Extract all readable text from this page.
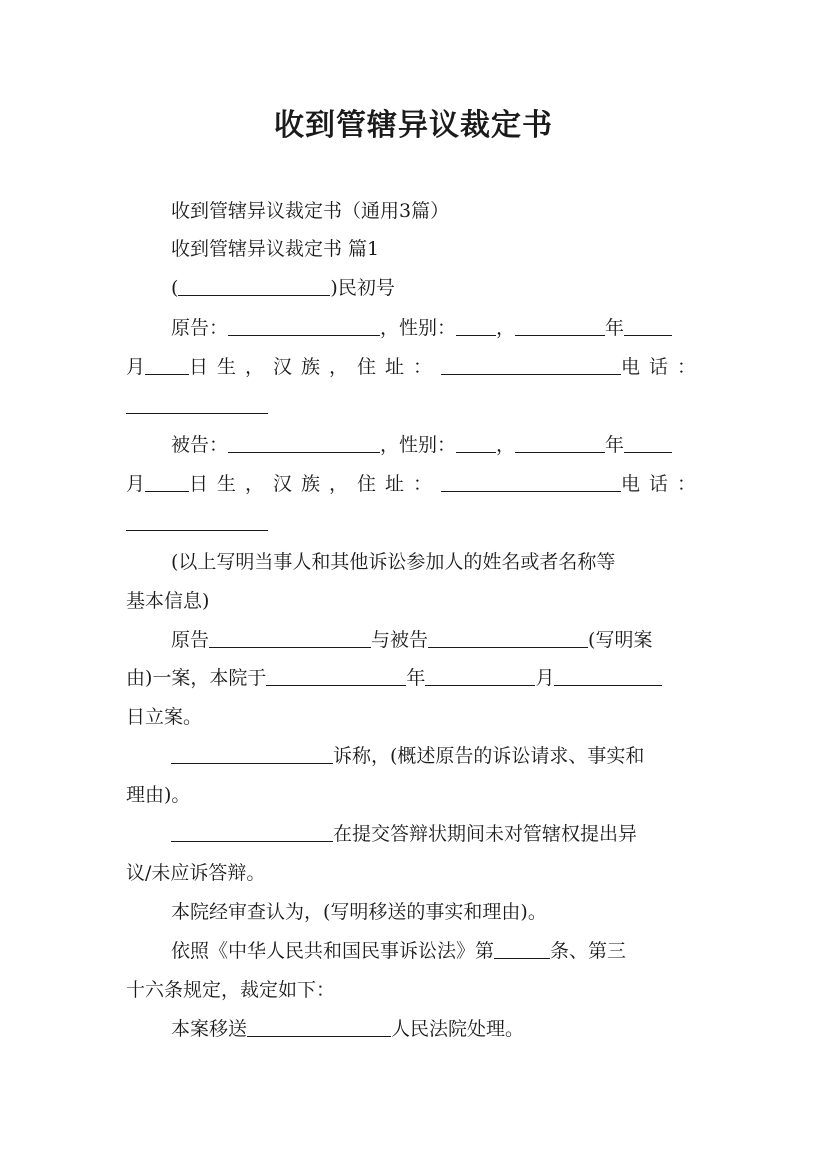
收到管辖异议裁定书
收到管辖异议裁定书（通用3篇）
收到管辖异议裁定书 篇1
(	)民初号
原告：	，性别： ，	年
月 日生，汉族，住址：	电话：
被告：	，性别： ，	年
月 日生，汉族，住址：	电话：
(以上写明当事人和其他诉讼参加人的姓名或者名称等
基本信息)
原告	与被告	(写明案
由)一案，本院于	年	月
日立案。
诉称，(概述原告的诉讼请求、事实和
理由)。
在提交答辩状期间未对管辖权提出异
议/未应诉答辩。
本院经审查认为，(写明移送的事实和理由)。
依照《中华人民共和国民事诉讼法》第	条、第三
十六条规定，裁定如下：
本案移送	人民法院处理。
